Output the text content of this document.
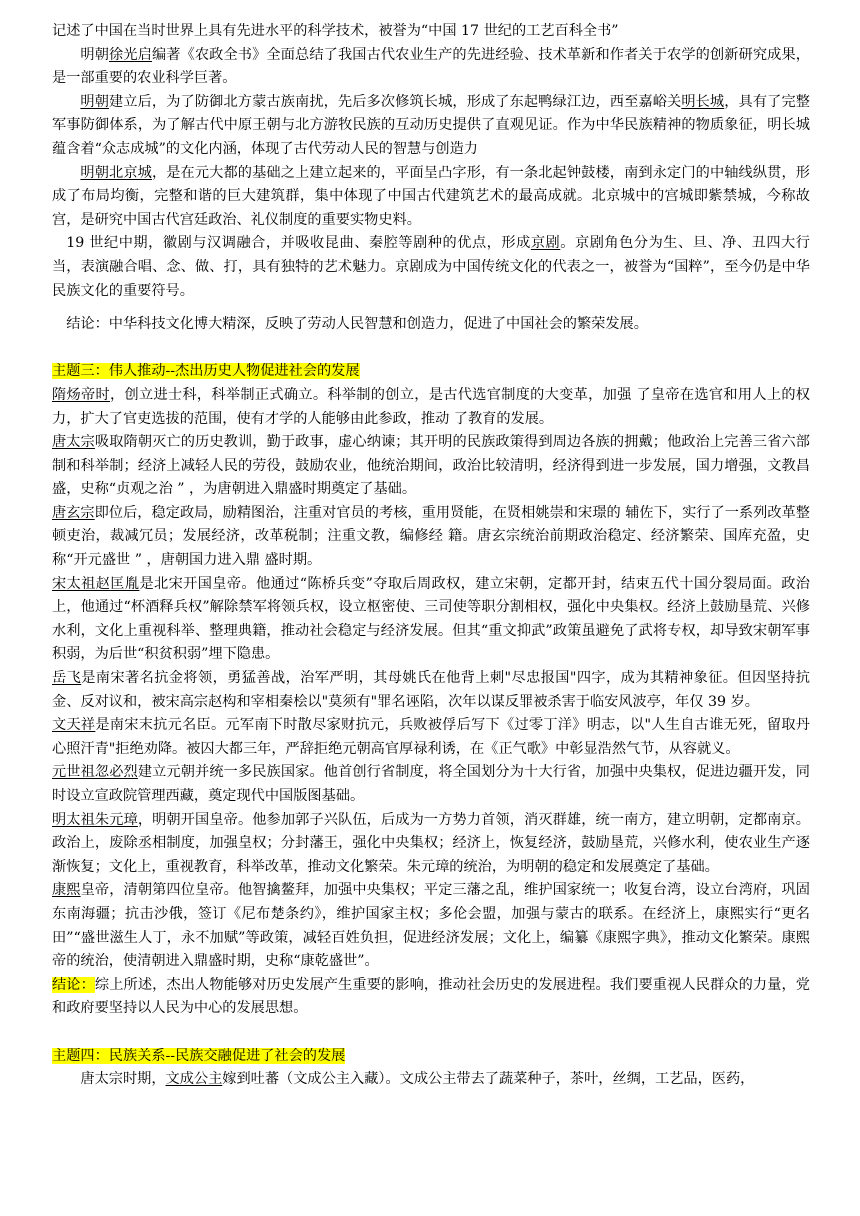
记述了中国在当时世界上具有先进水平的科学技术，被誉为“中国 17 世纪的工艺百科全书”

明朝徐光启编著《农政全书》全面总结了我国古代农业生产的先进经验、技术革新和作者关于农学的创新研究成果，是一部重要的农业科学巨著。

明朝建立后，为了防御北方蒙古族南扰，先后多次修筑长城，形成了东起鸭绿江边，西至嘉峪关明长城，具有了完整军事防御体系，为了解古代中原王朝与北方游牧民族的互动历史提供了直观见证。作为中华民族精神的物质象征，明长城蕴含着“众志成城”的文化内涵，体现了古代劳动人民的智慧与创造力

明朝北京城，是在元大都的基础之上建立起来的，平面呈凸字形，有一条北起钟鼓楼，南到永定门的中轴线纵贯，形成了布局均衡，完整和谐的巨大建筑群，集中体现了中国古代建筑艺术的最高成就。北京城中的宫城即紫禁城，今称故宫，是研究中国古代宫廷政治、礼仪制度的重要实物史料。

19 世纪中期，徽剧与汉调融合，并吸收昆曲、秦腔等剧种的优点，形成京剧。京剧角色分为生、旦、净、丑四大行当，表演融合唱、念、做、打，具有独特的艺术魅力。京剧成为中国传统文化的代表之一，被誉为“国粹”，至今仍是中华民族文化的重要符号。

结论：中华科技文化博大精深，反映了劳动人民智慧和创造力，促进了中国社会的繁荣发展。

主题三：伟人推动--杰出历史人物促进社会的发展

隋炀帝时，创立进士科，科举制正式确立。科举制的创立，是古代选官制度的大变革，加强 了皇帝在选官和用人上的权力，扩大了官吏选拔的范围，使有才学的人能够由此参政，推动 了教育的发展。

唐太宗吸取隋朝灭亡的历史教训，勤于政事，虚心纳谏；其开明的民族政策得到周边各族的拥戴；他政治上完善三省六部制和科举制；经济上减轻人民的劳役，鼓励农业，他统治期间，政治比较清明，经济得到进一步发展，国力增强，文教昌盛，史称“贞观之治 ” ，为唐朝进入鼎盛时期奠定了基础。

唐玄宗即位后，稳定政局，励精图治，注重对官员的考核，重用贤能，在贤相姚崇和宋璟的 辅佐下，实行了一系列改革整顿吏治，裁减冗员；发展经济，改革税制；注重文教，编修经 籍。唐玄宗统治前期政治稳定、经济繁荣、国库充盈，史称“开元盛世 ” ，唐朝国力进入鼎 盛时期。

宋太祖赵匡胤是北宋开国皇帝。他通过“陈桥兵变”夺取后周政权，建立宋朝，定都开封，结束五代十国分裂局面。政治上，他通过“杯酒释兵权”解除禁军将领兵权，设立枢密使、三司使等职分割相权，强化中央集权。经济上鼓励垦荒、兴修水利，文化上重视科举、整理典籍，推动社会稳定与经济发展。但其“重文抑武”政策虽避免了武将专权，却导致宋朝军事积弱，为后世“积贫积弱”埋下隐患。

岳飞是南宋著名抗金将领，勇猛善战，治军严明，其母姚氏在他背上刺"尽忠报国"四字，成为其精神象征。但因坚持抗金、反对议和，被宋高宗赵构和宰相秦桧以"莫须有"罪名诬陷，次年以谋反罪被杀害于临安风波亭，年仅 39 岁。

文天祥是南宋末抗元名臣。元军南下时散尽家财抗元，兵败被俘后写下《过零丁洋》明志，以"人生自古谁无死，留取丹心照汗青"拒绝劝降。被囚大都三年，严辞拒绝元朝高官厚禄利诱，在《正气歌》中彰显浩然气节，从容就义。

元世祖忽必烈建立元朝并统一多民族国家。他首创行省制度，将全国划分为十大行省，加强中央集权，促进边疆开发，同时设立宣政院管理西藏，奠定现代中国版图基础。

明太祖朱元璋，明朝开国皇帝。他参加郭子兴队伍，后成为一方势力首领，消灭群雄，统一南方，建立明朝，定都南京。政治上，废除丞相制度，加强皇权；分封藩王，强化中央集权；经济上，恢复经济，鼓励垦荒，兴修水利，使农业生产逐渐恢复；文化上，重视教育，科举改革，推动文化繁荣。朱元璋的统治，为明朝的稳定和发展奠定了基础。

康熙皇帝，清朝第四位皇帝。他智擒鳌拜，加强中央集权；平定三藩之乱，维护国家统一；收复台湾，设立台湾府，巩固东南海疆；抗击沙俄，签订《尼布楚条约》，维护国家主权；多伦会盟，加强与蒙古的联系。在经济上，康熙实行“更名田”“盛世滋生人丁，永不加赋”等政策，减轻百姓负担，促进经济发展；文化上，编纂《康熙字典》，推动文化繁荣。康熙帝的统治，使清朝进入鼎盛时期，史称“康乾盛世”。

结论：综上所述，杰出人物能够对历史发展产生重要的影响，推动社会历史的发展进程。我们要重视人民群众的力量，党和政府要坚持以人民为中心的发展思想。

主题四：民族关系--民族交融促进了社会的发展

唐太宗时期，文成公主嫁到吐蕃（文成公主入藏）。文成公主带去了蔬菜种子，茶叶，丝绸，工艺品，医药，
